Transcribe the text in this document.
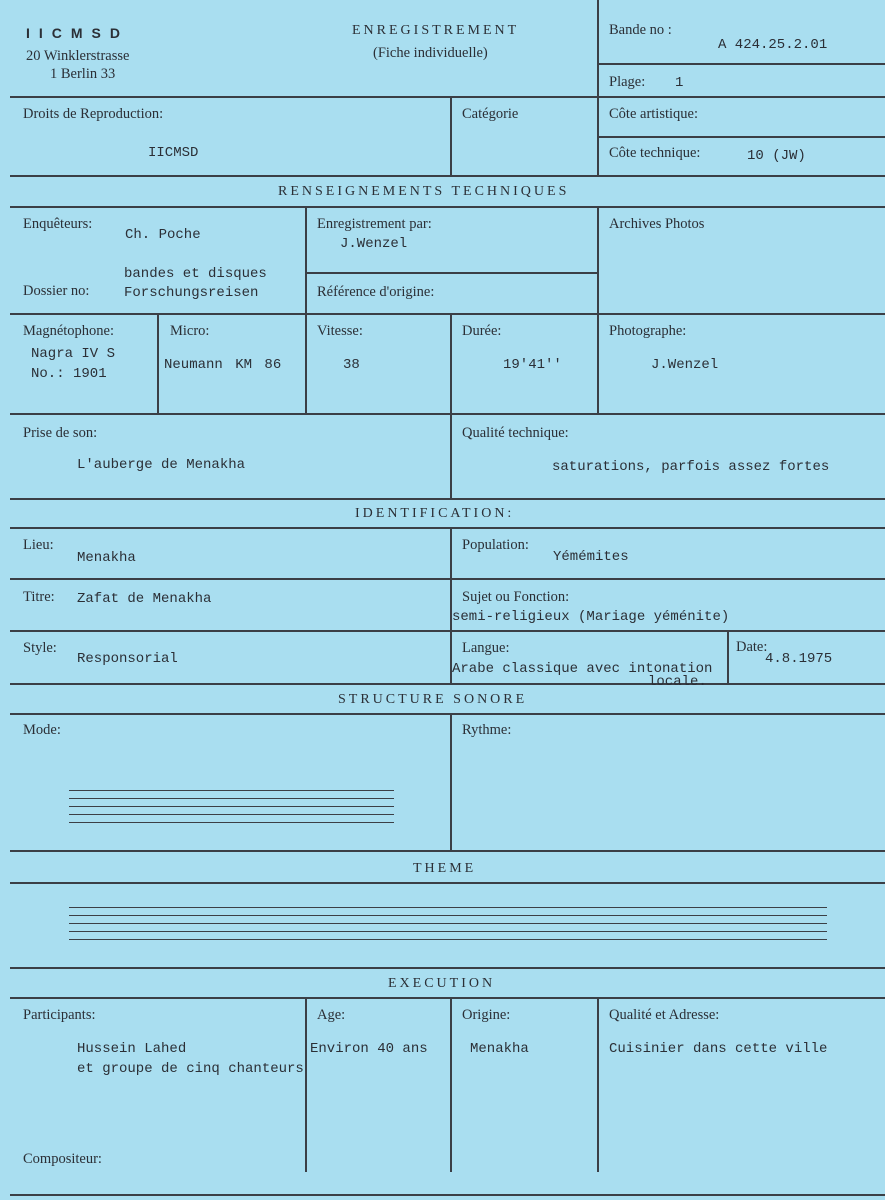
IICMSD
20 Winklerstrasse
1 Berlin 33
ENREGISTREMENT
(Fiche individuelle)
Bande no :
A 424.25.2.01
Plage: 1
Droits de Reproduction:
IICMSD
Catégorie	Côte artistique:
Côte technique:	10 (JW)
RENSEIGNEMENTS TECHNIQUES
Enquêteurs:
Ch. Poche
Enregistrement par:
J.Wenzel
Archives Photos
Dossier no:
bandes et disques
Forschungsreisen	Référence d'origine:
Magnétophone:
Nagra IV S
No.: 1901
Micro:
Neumann KM 86
Vitesse:
38
Durée:
19'41''
Photographe:
J.Wenzel
Prise de son:
L'auberge de Menakha
Qualité technique:
saturations, parfois assez fortes
IDENTIFICATION:
Lieu:
Menakha
Population:
Yémémites
Titre: Zafat de Menakha	Sujet ou Fonction:
semi-religieux (Mariage yéménite)
Style:
Responsorial
Langue:
Arabe classique avec intonation
locale.
Date:
4.8.1975
STRUCTURE SONORE
Mode:	Rythme:
THEME
EXECUTION
Participants:
Hussein Lahed
et groupe de cinq chanteurs
Age:
Environ 40 ans
Origine:
Menakha
Qualité et Adresse:
Cuisinier dans cette ville
Compositeur:
